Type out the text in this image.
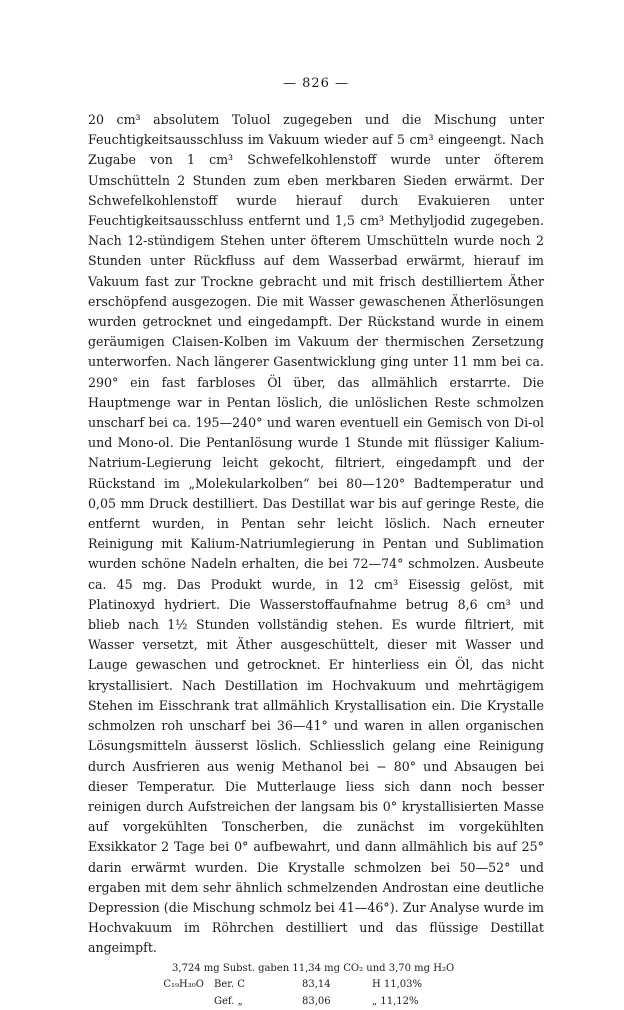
— 826 —
20 cm³ absolutem Toluol zugegeben und die Mischung unter Feuchtigkeitsausschluss im Vakuum wieder auf 5 cm³ eingeengt. Nach Zugabe von 1 cm³ Schwefelkohlenstoff wurde unter öfterem Umschütteln 2 Stunden zum eben merkbaren Sieden erwärmt. Der Schwefelkohlenstoff wurde hierauf durch Evakuieren unter Feuchtigkeitsausschluss entfernt und 1,5 cm³ Methyljodid zugegeben. Nach 12-stündigem Stehen unter öfterem Umschütteln wurde noch 2 Stunden unter Rückfluss auf dem Wasserbad erwärmt, hierauf im Vakuum fast zur Trockne gebracht und mit frisch destilliertem Äther erschöpfend ausgezogen. Die mit Wasser gewaschenen Ätherlösungen wurden getrocknet und eingedampft. Der Rückstand wurde in einem geräumigen Claisen-Kolben im Vakuum der thermischen Zersetzung unterworfen. Nach längerer Gasentwicklung ging unter 11 mm bei ca. 290° ein fast farbloses Öl über, das allmählich erstarrte. Die Hauptmenge war in Pentan löslich, die unlöslichen Reste schmolzen unscharf bei ca. 195—240° und waren eventuell ein Gemisch von Di-ol und Mono-ol. Die Pentanlösung wurde 1 Stunde mit flüssiger Kalium-Natrium-Legierung leicht gekocht, filtriert, eingedampft und der Rückstand im „Molekularkolben“ bei 80—120° Badtemperatur und 0,05 mm Druck destilliert. Das Destillat war bis auf geringe Reste, die entfernt wurden, in Pentan sehr leicht löslich. Nach erneuter Reinigung mit Kalium-Natriumlegierung in Pentan und Sublimation wurden schöne Nadeln erhalten, die bei 72—74° schmolzen. Ausbeute ca. 45 mg. Das Produkt wurde, in 12 cm³ Eisessig gelöst, mit Platinoxyd hydriert. Die Wasserstoffaufnahme betrug 8,6 cm³ und blieb nach 1½ Stunden vollständig stehen. Es wurde filtriert, mit Wasser versetzt, mit Äther ausgeschüttelt, dieser mit Wasser und Lauge gewaschen und getrocknet. Er hinterliess ein Öl, das nicht krystallisiert. Nach Destillation im Hochvakuum und mehrtägigem Stehen im Eisschrank trat allmählich Krystallisation ein. Die Krystalle schmolzen roh unscharf bei 36—41° und waren in allen organischen Lösungsmitteln äusserst löslich. Schliesslich gelang eine Reinigung durch Ausfrieren aus wenig Methanol bei − 80° und Absaugen bei dieser Temperatur. Die Mutterlauge liess sich dann noch besser reinigen durch Aufstreichen der langsam bis 0° krystallisierten Masse auf vorgekühlten Tonscherben, die zunächst im vorgekühlten Exsikkator 2 Tage bei 0° aufbewahrt, und dann allmählich bis auf 25° darin erwärmt wurden. Die Krystalle schmolzen bei 50—52° und ergaben mit dem sehr ähnlich schmelzenden Androstan eine deutliche Depression (die Mischung schmolz bei 41—46°). Zur Analyse wurde im Hochvakuum im Röhrchen destilliert und das flüssige Destillat angeimpft.
3,724 mg Subst. gaben 11,34 mg CO₂ und 3,70 mg H₂O
C₁₉H₃₀O	Ber. C	83,14	H 11,03%
Gef. „	83,06	„ 11,12%
